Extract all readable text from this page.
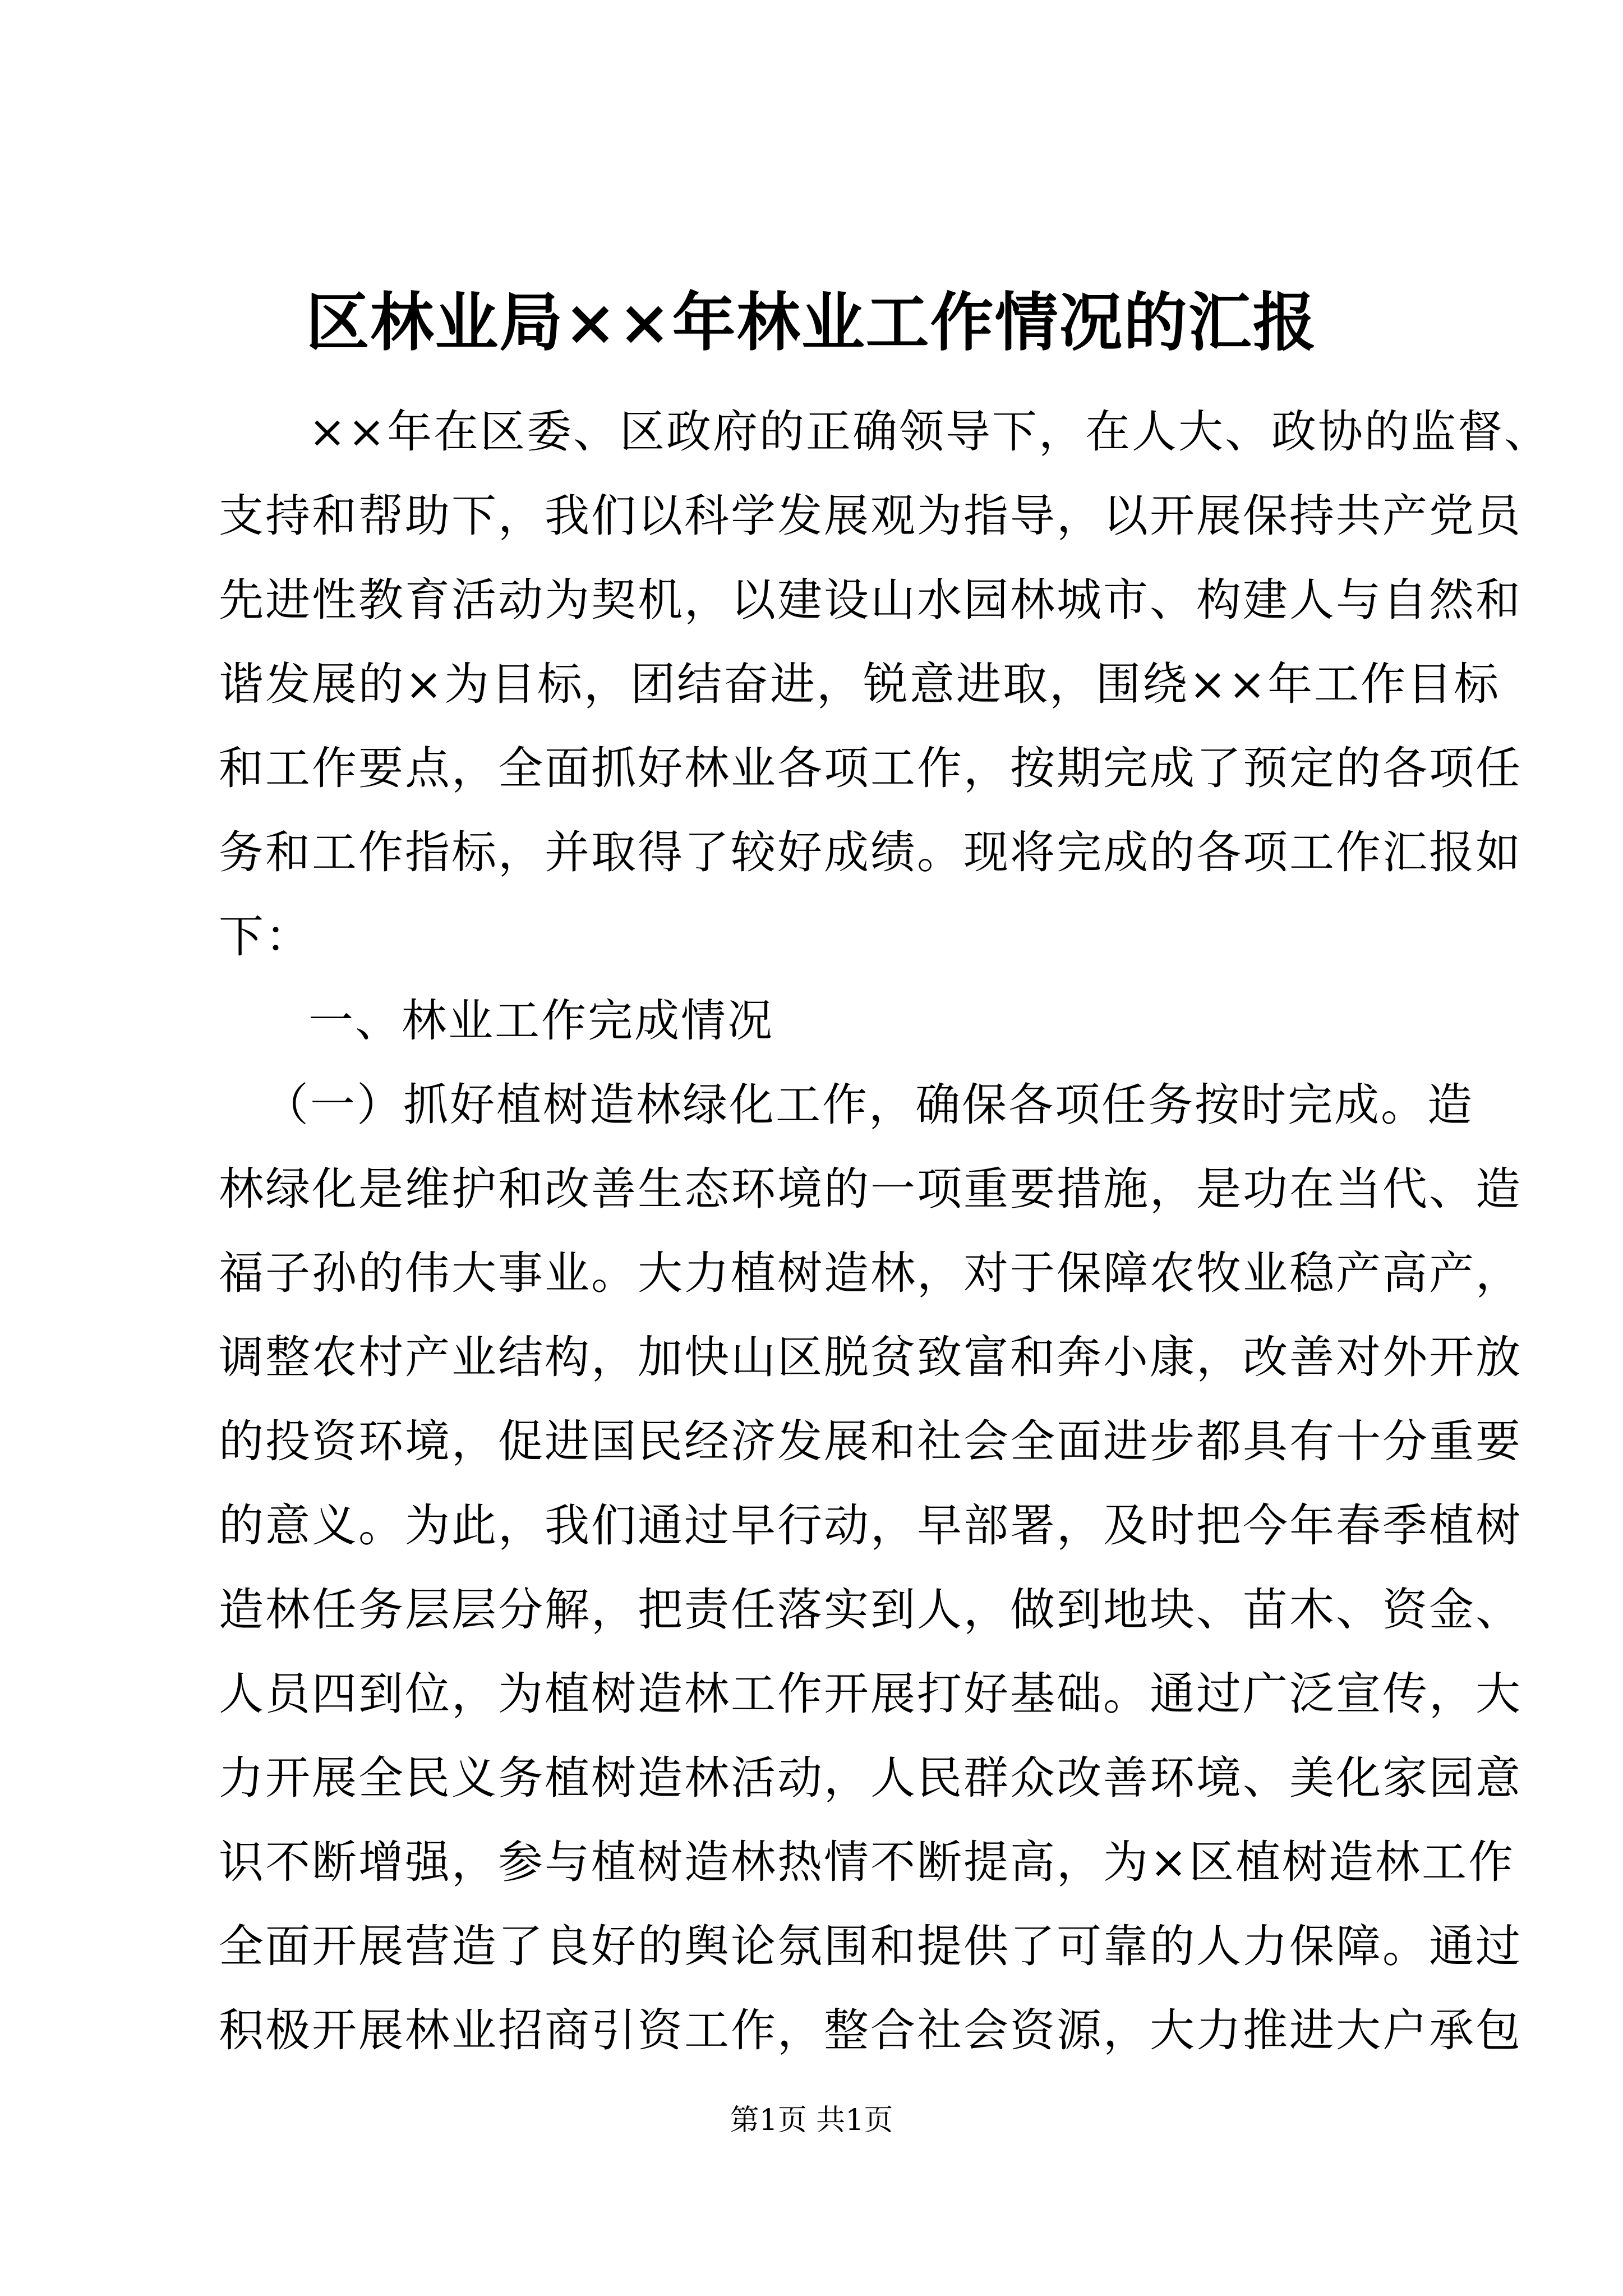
区林业局××年林业工作情况的汇报
××年在区委、区政府的正确领导下，在人大、政协的监督、
支持和帮助下，我们以科学发展观为指导，以开展保持共产党员
先进性教育活动为契机，以建设山水园林城市、构建人与自然和
谐发展的×为目标，团结奋进，锐意进取，围绕××年工作目标
和工作要点，全面抓好林业各项工作，按期完成了预定的各项任
务和工作指标，并取得了较好成绩。现将完成的各项工作汇报如
下：
一、林业工作完成情况
（一）抓好植树造林绿化工作，确保各项任务按时完成。造
林绿化是维护和改善生态环境的一项重要措施，是功在当代、造
福子孙的伟大事业。大力植树造林，对于保障农牧业稳产高产，
调整农村产业结构，加快山区脱贫致富和奔小康，改善对外开放
的投资环境，促进国民经济发展和社会全面进步都具有十分重要
的意义。为此，我们通过早行动，早部署，及时把今年春季植树
造林任务层层分解，把责任落实到人，做到地块、苗木、资金、
人员四到位，为植树造林工作开展打好基础。通过广泛宣传，大
力开展全民义务植树造林活动，人民群众改善环境、美化家园意
识不断增强，参与植树造林热情不断提高，为×区植树造林工作
全面开展营造了良好的舆论氛围和提供了可靠的人力保障。通过
积极开展林业招商引资工作，整合社会资源，大力推进大户承包
第1页 共1页
